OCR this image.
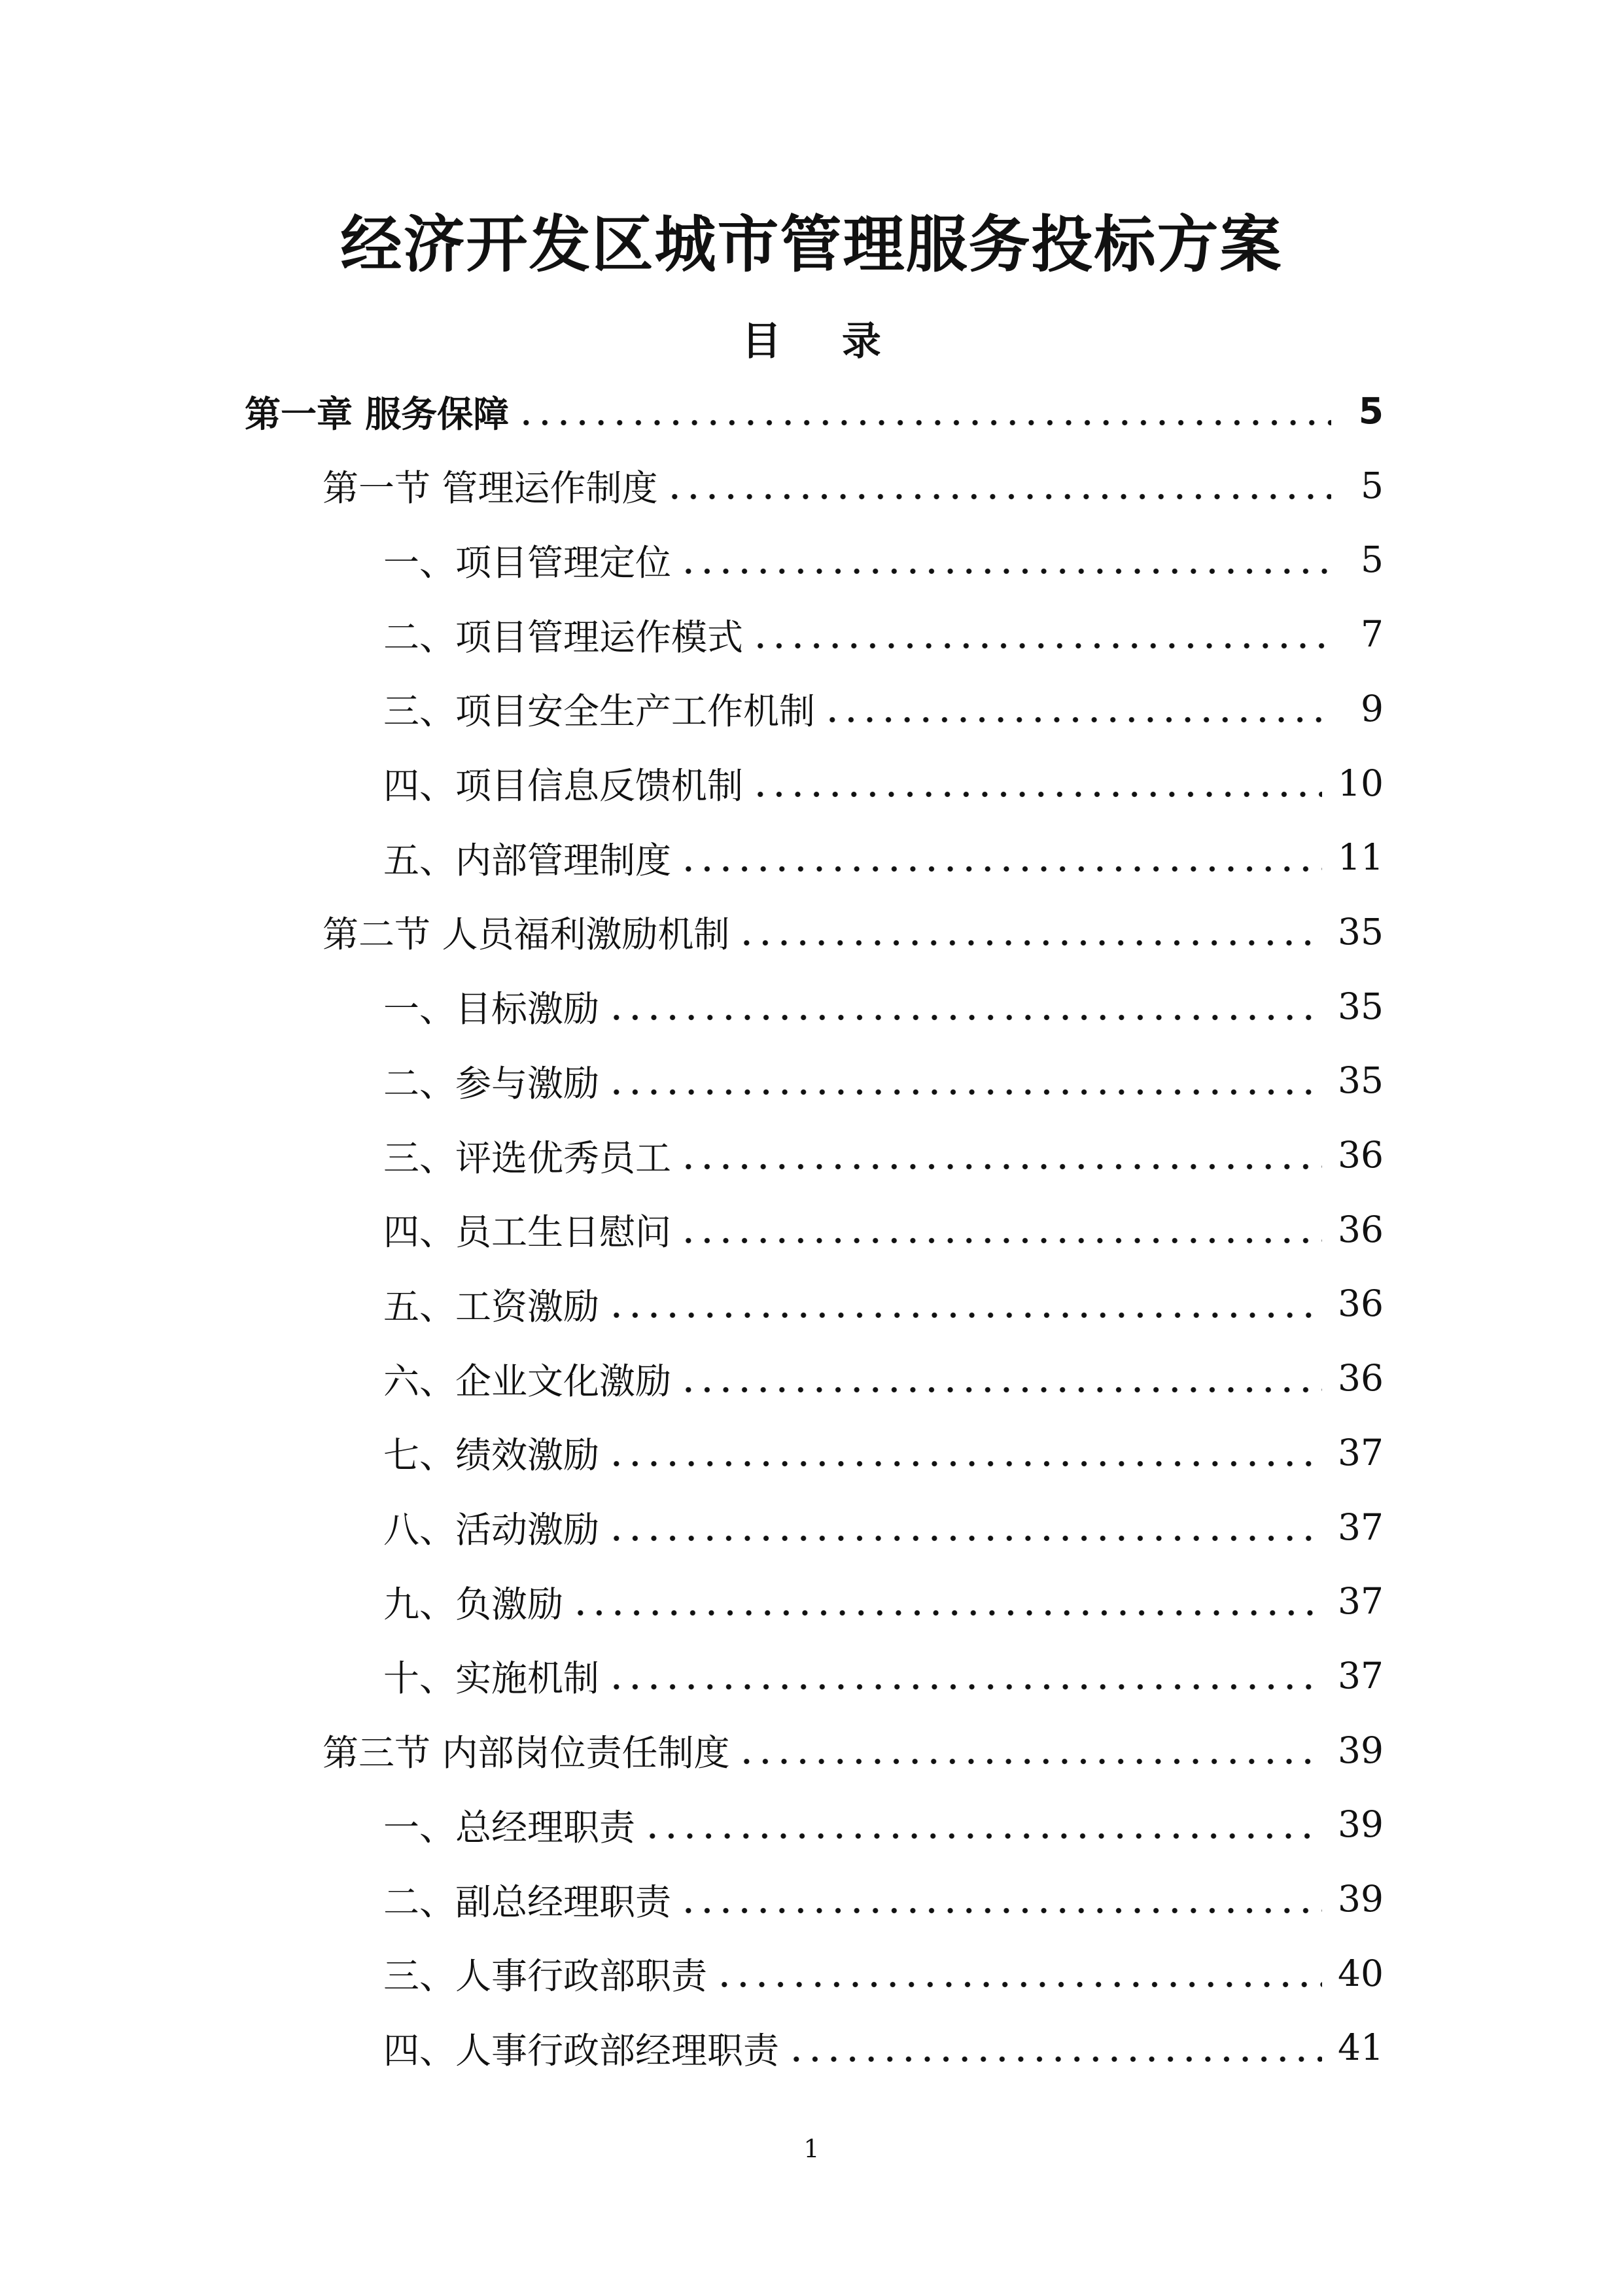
经济开发区城市管理服务投标方案
目 录
第一章 服务保障	5
第一节 管理运作制度	5
一、项目管理定位	5
二、项目管理运作模式	7
三、项目安全生产工作机制	9
四、项目信息反馈机制	10
五、内部管理制度	11
第二节 人员福利激励机制	35
一、目标激励	35
二、参与激励	35
三、评选优秀员工	36
四、员工生日慰问	36
五、工资激励	36
六、企业文化激励	36
七、绩效激励	37
八、活动激励	37
九、负激励	37
十、实施机制	37
第三节 内部岗位责任制度	39
一、总经理职责	39
二、副总经理职责	39
三、人事行政部职责	40
四、人事行政部经理职责	41
1
